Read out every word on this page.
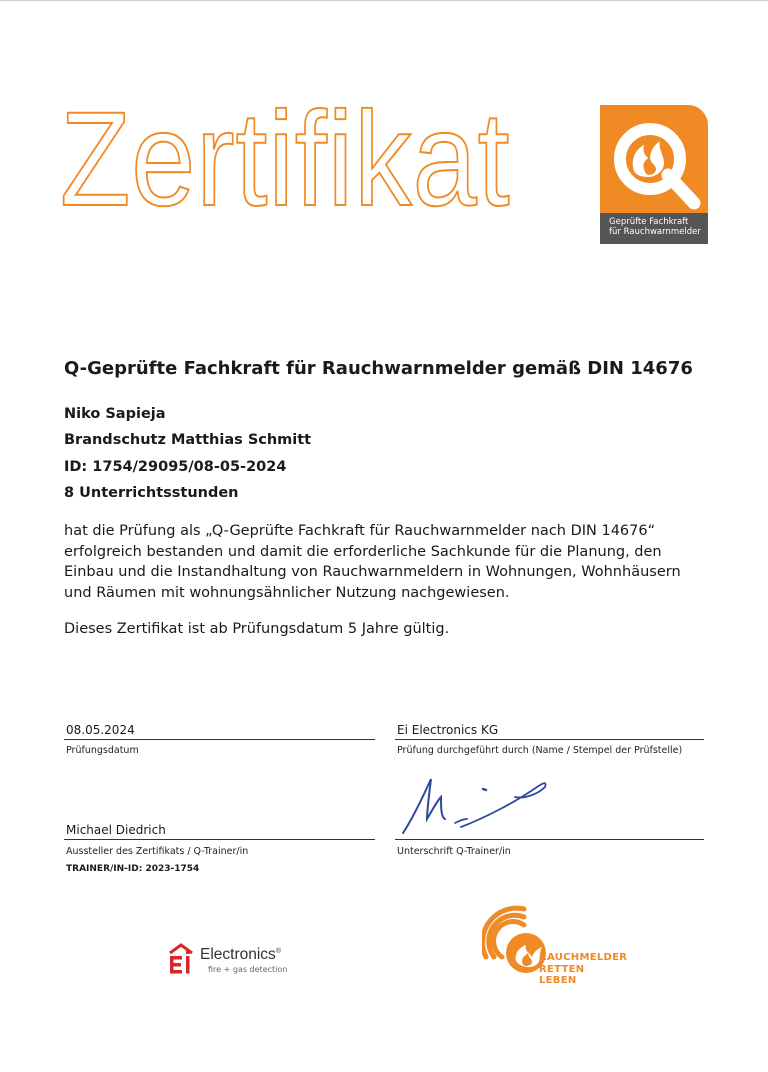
Zertifikat	Geprüfte Fachkraft
für Rauchwarnmelder
Q-Geprüfte Fachkraft für Rauchwarnmelder gemäß DIN 14676
Niko Sapieja
Brandschutz Matthias Schmitt
ID: 1754/29095/08-05-2024
8 Unterrichtsstunden

hat die Prüfung als „Q-Geprüfte Fachkraft für Rauchwarnmelder nach DIN 14676“ erfolgreich bestanden und damit die erforderliche Sachkunde für die Planung, den Einbau und die Instandhaltung von Rauchwarnmeldern in Wohnungen, Wohnhäusern und Räumen mit wohnungsähnlicher Nutzung nachgewiesen.

Dieses Zertifikat ist ab Prüfungsdatum 5 Jahre gültig.
08.05.2024
Prüfungsdatum
Ei Electronics KG
Prüfung durchgeführt durch (Name / Stempel der Prüfstelle)
Michael Diedrich
Aussteller des Zertifikats / Q-Trainer/in
TRAINER/IN-ID: 2023-1754
Unterschrift Q-Trainer/in
Electronics®
fire + gas detection
RAUCHMELDER
RETTEN
LEBEN
